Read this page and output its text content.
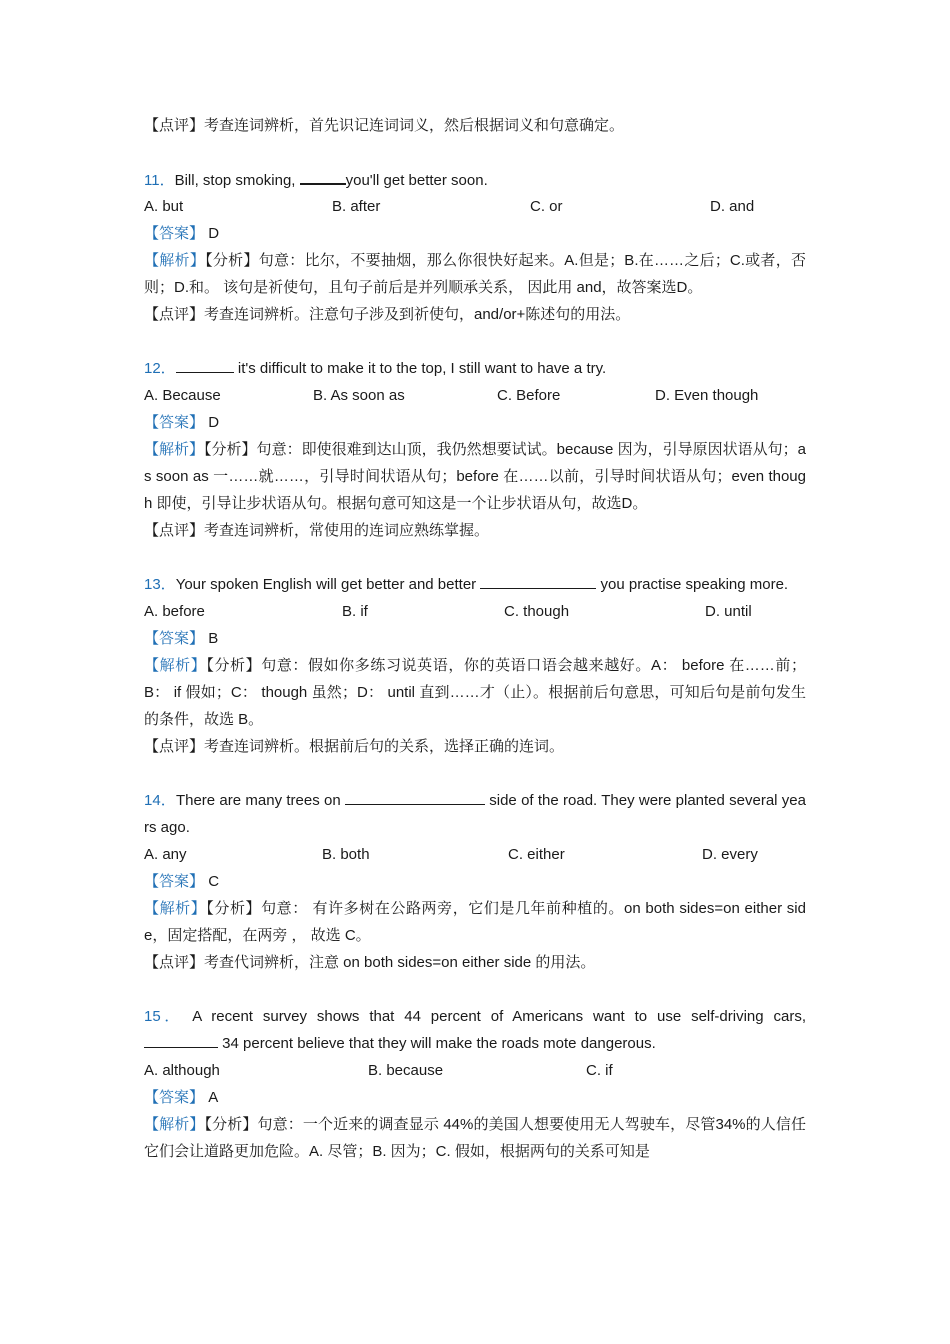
【点评】考查连词辨析，首先识记连词词义，然后根据词义和句意确定。
11．Bill, stop smoking,	you'll get better soon.
A. but	B. after	C. or	D. and
【答案】 D
【解析】【分析】句意：比尔，不要抽烟，那么你很快好起来。A.但是；B.在……之后；C.或者，否则；D.和。 该句是祈使句，且句子前后是并列顺承关系， 因此用 and，故答案选D。
【点评】考查连词辨析。注意句子涉及到祈使句，and/or+陈述句的用法。
12．	it's difficult to make it to the top, I still want to have a try.
A. Because	B. As soon as	C. Before	D. Even though
【答案】 D
【解析】【分析】句意：即使很难到达山顶，我仍然想要试试。because 因为，引导原因状语从句；as soon as 一……就……，引导时间状语从句；before 在……以前，引导时间状语从句；even though 即使，引导让步状语从句。根据句意可知这是一个让步状语从句，故选D。
【点评】考查连词辨析，常使用的连词应熟练掌握。
13．Your spoken English will get better and better	you practise speaking more.
A. before	B. if	C. though	D. until
【答案】 B
【解析】【分析】句意：假如你多练习说英语，你的英语口语会越来越好。A： before 在……前； B： if 假如；C： though 虽然；D： until 直到……才（止）。根据前后句意思，可知后句是前句发生的条件，故选 B。
【点评】考查连词辨析。根据前后句的关系，选择正确的连词。
14．There are many trees on	side of the road. They were planted several years ago.
A. any	B. both	C. either	D. every
【答案】 C
【解析】【分析】句意： 有许多树在公路两旁，它们是几年前种植的。on both sides=on either side，固定搭配，在两旁 ， 故选 C。
【点评】考查代词辨析，注意 on both sides=on either side 的用法。
15． A recent survey shows that 44 percent of Americans want to use self-driving cars,
34 percent believe that they will make the roads mote dangerous.
A. although	B. because	C. if
【答案】 A
【解析】【分析】句意：一个近来的调查显示 44%的美国人想要使用无人驾驶车，尽管34%的人信任它们会让道路更加危险。A. 尽管；B. 因为；C. 假如，根据两句的关系可知是
